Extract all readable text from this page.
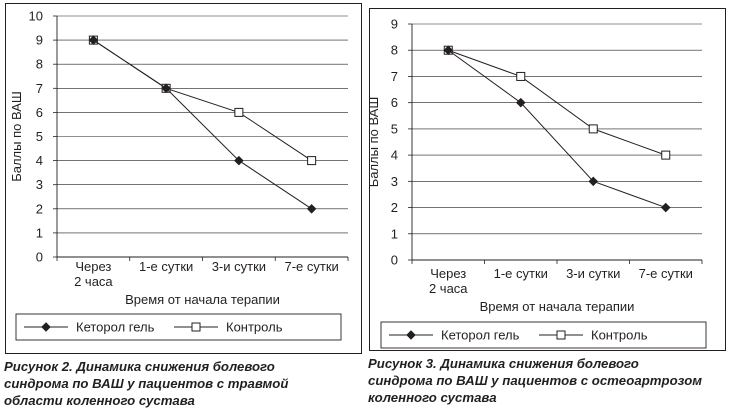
0
1
2
3
4
5
6
7
8
9
10
Через 2 часа
1-е сутки 3-и сутки 7-е сутки
Время от начала терапии
Баллы по ВАШ
Кеторол гель	Контроль
Рисунок 2. Динамика снижения болевого
синдрома по ВАШ у пациентов с травмой
области коленного сустава
0
1
2
3
4
5
6
7
8
9
Через 2 часа
1-е сутки 3-и сутки 7-е сутки
Время от начала терапии
Баллы по ВАШ
Кеторол гель	Контроль
Рисунок 3. Динамика снижения болевого
синдрома по ВАШ у пациентов с остеоартрозом
коленного сустава
